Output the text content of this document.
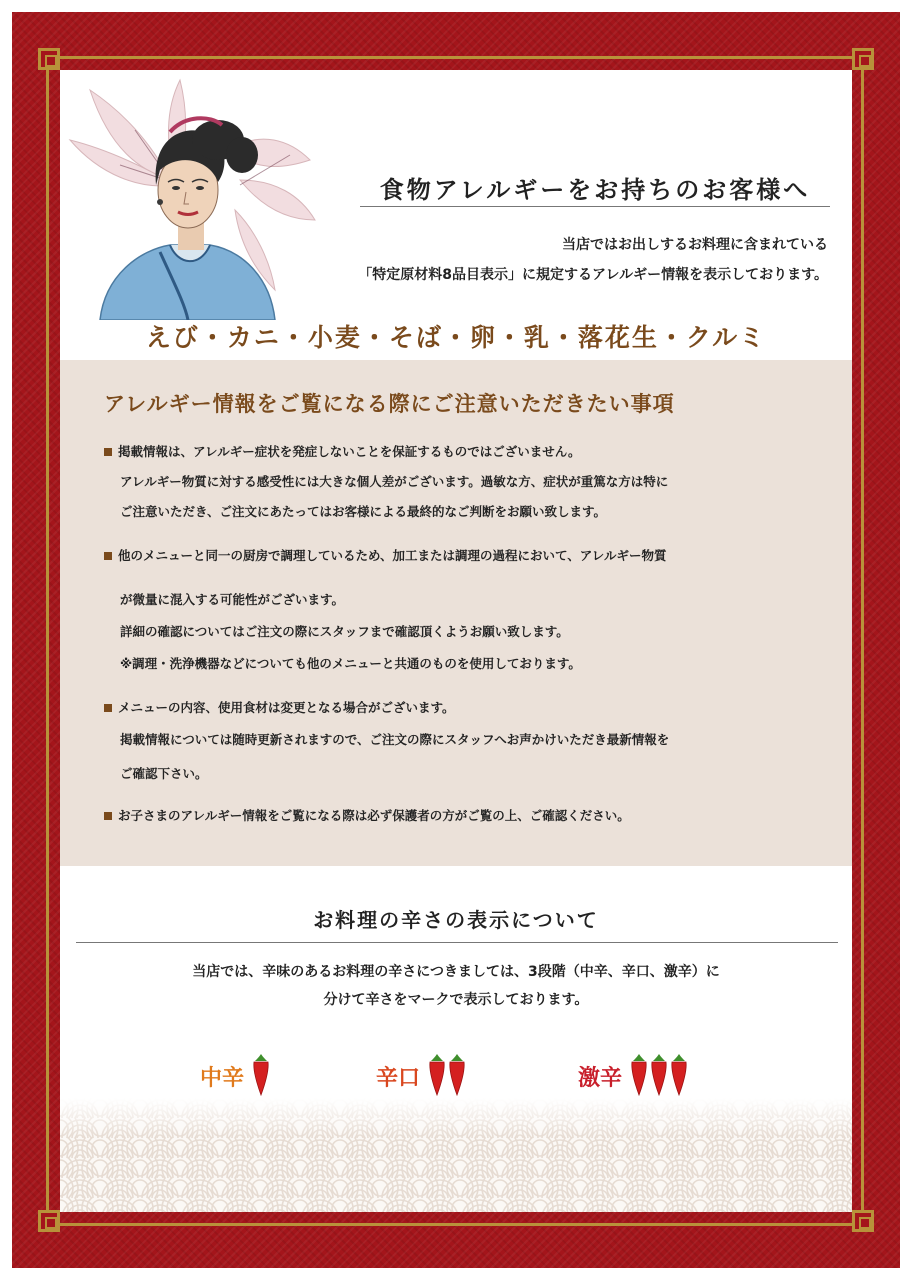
食物アレルギーをお持ちのお客様へ
当店ではお出しするお料理に含まれている
「特定原材料8品目表示」に規定するアレルギー情報を表示しております。
えび・カニ・小麦・そば・卵・乳・落花生・クルミ
アレルギー情報をご覧になる際にご注意いただきたい事項
掲載情報は、アレルギー症状を発症しないことを保証するものではございません。
アレルギー物質に対する感受性には大きな個人差がございます。過敏な方、症状が重篤な方は特に
ご注意いただき、ご注文にあたってはお客様による最終的なご判断をお願い致します。
他のメニューと同一の厨房で調理しているため、加工または調理の過程において、アレルギー物質
が微量に混入する可能性がございます。
詳細の確認についてはご注文の際にスタッフまで確認頂くようお願い致します。
※調理・洗浄機器などについても他のメニューと共通のものを使用しております。
メニューの内容、使用食材は変更となる場合がございます。
掲載情報については随時更新されますので、ご注文の際にスタッフへお声かけいただき最新情報を
ご確認下さい。
お子さまのアレルギー情報をご覧になる際は必ず保護者の方がご覧の上、ご確認ください。
お料理の辛さの表示について
当店では、辛味のあるお料理の辛さにつきましては、3段階（中辛、辛口、激辛）に
分けて辛さをマークで表示しております。
中辛	辛口	激辛
